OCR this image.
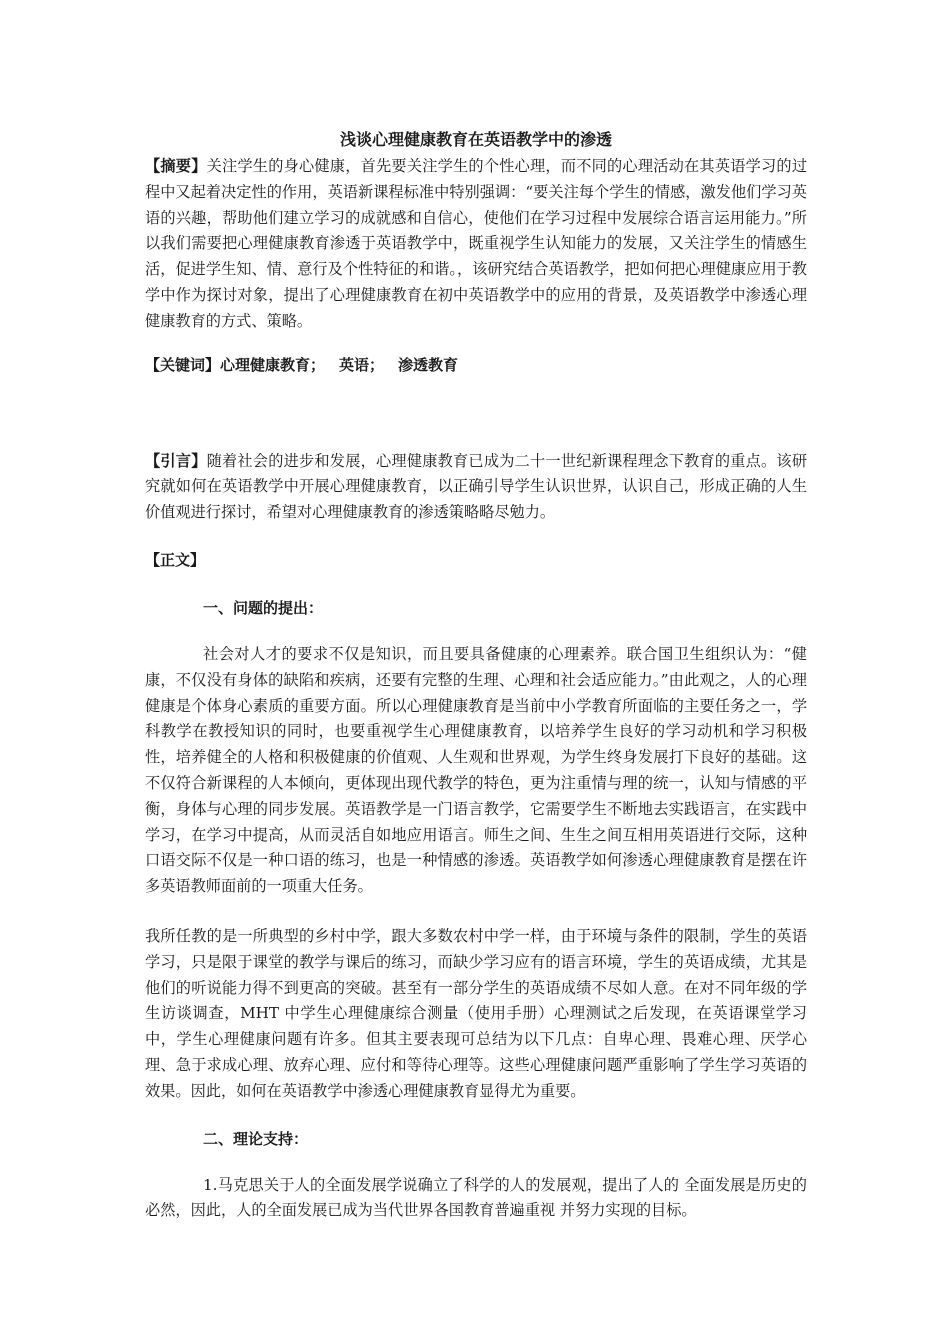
浅谈心理健康教育在英语教学中的渗透

【摘要】关注学生的身心健康，首先要关注学生的个性心理，而不同的心理活动在其英语学习的过程中又起着决定性的作用，英语新课程标准中特别强调：“要关注每个学生的情感，激发他们学习英语的兴趣，帮助他们建立学习的成就感和自信心，使他们在学习过程中发展综合语言运用能力。”所以我们需要把心理健康教育渗透于英语教学中，既重视学生认知能力的发展，又关注学生的情感生活，促进学生知、情、意行及个性特征的和谐。，该研究结合英语教学，把如何把心理健康应用于教学中作为探讨对象，提出了心理健康教育在初中英语教学中的应用的背景，及英语教学中渗透心理健康教育的方式、策略。

【关键词】心理健康教育； 英语； 渗透教育

【引言】随着社会的进步和发展，心理健康教育已成为二十一世纪新课程理念下教育的重点。该研究就如何在英语教学中开展心理健康教育，以正确引导学生认识世界，认识自己，形成正确的人生价值观进行探讨，希望对心理健康教育的渗透策略略尽勉力。

【正文】
一、问题的提出：

社会对人才的要求不仅是知识，而且要具备健康的心理素养。联合国卫生组织认为：“健康，不仅没有身体的缺陷和疾病，还要有完整的生理、心理和社会适应能力。”由此观之，人的心理健康是个体身心素质的重要方面。所以心理健康教育是当前中小学教育所面临的主要任务之一，学科教学在教授知识的同时，也要重视学生心理健康教育，以培养学生良好的学习动机和学习积极性，培养健全的人格和积极健康的价值观、人生观和世界观，为学生终身发展打下良好的基础。这不仅符合新课程的人本倾向，更体现出现代教学的特色，更为注重情与理的统一，认知与情感的平衡，身体与心理的同步发展。英语教学是一门语言教学，它需要学生不断地去实践语言，在实践中学习，在学习中提高，从而灵活自如地应用语言。师生之间、生生之间互相用英语进行交际，这种口语交际不仅是一种口语的练习，也是一种情感的渗透。英语教学如何渗透心理健康教育是摆在许多英语教师面前的一项重大任务。

我所任教的是一所典型的乡村中学，跟大多数农村中学一样，由于环境与条件的限制，学生的英语学习，只是限于课堂的教学与课后的练习，而缺少学习应有的语言环境，学生的英语成绩，尤其是他们的听说能力得不到更高的突破。甚至有一部分学生的英语成绩不尽如人意。在对不同年级的学生访谈调查，MHT 中学生心理健康综合测量（使用手册）心理测试之后发现，在英语课堂学习中，学生心理健康问题有许多。但其主要表现可总结为以下几点：自卑心理、畏难心理、厌学心理、急于求成心理、放弃心理、应付和等待心理等。这些心理健康问题严重影响了学生学习英语的效果。因此，如何在英语教学中渗透心理健康教育显得尤为重要。

二、理论支持：

1.马克思关于人的全面发展学说确立了科学的人的发展观，提出了人的 全面发展是历史的必然，因此，人的全面发展已成为当代世界各国教育普遍重视 并努力实现的目标。
